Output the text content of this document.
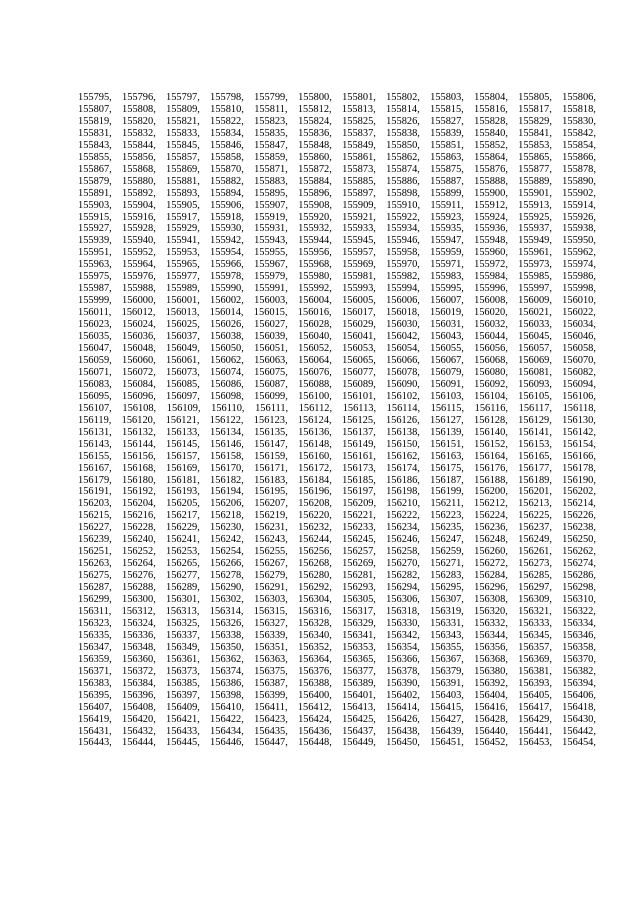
155795, 155796, 155797, 155798, 155799, 155800, 155801, 155802, 155803, 155804, 155805, 155806,
155807, 155808, 155809, 155810, 155811, 155812, 155813, 155814, 155815, 155816, 155817, 155818,
155819, 155820, 155821, 155822, 155823, 155824, 155825, 155826, 155827, 155828, 155829, 155830,
155831, 155832, 155833, 155834, 155835, 155836, 155837, 155838, 155839, 155840, 155841, 155842,
155843, 155844, 155845, 155846, 155847, 155848, 155849, 155850, 155851, 155852, 155853, 155854,
155855, 155856, 155857, 155858, 155859, 155860, 155861, 155862, 155863, 155864, 155865, 155866,
155867, 155868, 155869, 155870, 155871, 155872, 155873, 155874, 155875, 155876, 155877, 155878,
155879, 155880, 155881, 155882, 155883, 155884, 155885, 155886, 155887, 155888, 155889, 155890,
155891, 155892, 155893, 155894, 155895, 155896, 155897, 155898, 155899, 155900, 155901, 155902,
155903, 155904, 155905, 155906, 155907, 155908, 155909, 155910, 155911, 155912, 155913, 155914,
155915, 155916, 155917, 155918, 155919, 155920, 155921, 155922, 155923, 155924, 155925, 155926,
155927, 155928, 155929, 155930, 155931, 155932, 155933, 155934, 155935, 155936, 155937, 155938,
155939, 155940, 155941, 155942, 155943, 155944, 155945, 155946, 155947, 155948, 155949, 155950,
155951, 155952, 155953, 155954, 155955, 155956, 155957, 155958, 155959, 155960, 155961, 155962,
155963, 155964, 155965, 155966, 155967, 155968, 155969, 155970, 155971, 155972, 155973, 155974,
155975, 155976, 155977, 155978, 155979, 155980, 155981, 155982, 155983, 155984, 155985, 155986,
155987, 155988, 155989, 155990, 155991, 155992, 155993, 155994, 155995, 155996, 155997, 155998,
155999, 156000, 156001, 156002, 156003, 156004, 156005, 156006, 156007, 156008, 156009, 156010,
156011, 156012, 156013, 156014, 156015, 156016, 156017, 156018, 156019, 156020, 156021, 156022,
156023, 156024, 156025, 156026, 156027, 156028, 156029, 156030, 156031, 156032, 156033, 156034,
156035, 156036, 156037, 156038, 156039, 156040, 156041, 156042, 156043, 156044, 156045, 156046,
156047, 156048, 156049, 156050, 156051, 156052, 156053, 156054, 156055, 156056, 156057, 156058,
156059, 156060, 156061, 156062, 156063, 156064, 156065, 156066, 156067, 156068, 156069, 156070,
156071, 156072, 156073, 156074, 156075, 156076, 156077, 156078, 156079, 156080, 156081, 156082,
156083, 156084, 156085, 156086, 156087, 156088, 156089, 156090, 156091, 156092, 156093, 156094,
156095, 156096, 156097, 156098, 156099, 156100, 156101, 156102, 156103, 156104, 156105, 156106,
156107, 156108, 156109, 156110, 156111, 156112, 156113, 156114, 156115, 156116, 156117, 156118,
156119, 156120, 156121, 156122, 156123, 156124, 156125, 156126, 156127, 156128, 156129, 156130,
156131, 156132, 156133, 156134, 156135, 156136, 156137, 156138, 156139, 156140, 156141, 156142,
156143, 156144, 156145, 156146, 156147, 156148, 156149, 156150, 156151, 156152, 156153, 156154,
156155, 156156, 156157, 156158, 156159, 156160, 156161, 156162, 156163, 156164, 156165, 156166,
156167, 156168, 156169, 156170, 156171, 156172, 156173, 156174, 156175, 156176, 156177, 156178,
156179, 156180, 156181, 156182, 156183, 156184, 156185, 156186, 156187, 156188, 156189, 156190,
156191, 156192, 156193, 156194, 156195, 156196, 156197, 156198, 156199, 156200, 156201, 156202,
156203, 156204, 156205, 156206, 156207, 156208, 156209, 156210, 156211, 156212, 156213, 156214,
156215, 156216, 156217, 156218, 156219, 156220, 156221, 156222, 156223, 156224, 156225, 156226,
156227, 156228, 156229, 156230, 156231, 156232, 156233, 156234, 156235, 156236, 156237, 156238,
156239, 156240, 156241, 156242, 156243, 156244, 156245, 156246, 156247, 156248, 156249, 156250,
156251, 156252, 156253, 156254, 156255, 156256, 156257, 156258, 156259, 156260, 156261, 156262,
156263, 156264, 156265, 156266, 156267, 156268, 156269, 156270, 156271, 156272, 156273, 156274,
156275, 156276, 156277, 156278, 156279, 156280, 156281, 156282, 156283, 156284, 156285, 156286,
156287, 156288, 156289, 156290, 156291, 156292, 156293, 156294, 156295, 156296, 156297, 156298,
156299, 156300, 156301, 156302, 156303, 156304, 156305, 156306, 156307, 156308, 156309, 156310,
156311, 156312, 156313, 156314, 156315, 156316, 156317, 156318, 156319, 156320, 156321, 156322,
156323, 156324, 156325, 156326, 156327, 156328, 156329, 156330, 156331, 156332, 156333, 156334,
156335, 156336, 156337, 156338, 156339, 156340, 156341, 156342, 156343, 156344, 156345, 156346,
156347, 156348, 156349, 156350, 156351, 156352, 156353, 156354, 156355, 156356, 156357, 156358,
156359, 156360, 156361, 156362, 156363, 156364, 156365, 156366, 156367, 156368, 156369, 156370,
156371, 156372, 156373, 156374, 156375, 156376, 156377, 156378, 156379, 156380, 156381, 156382,
156383, 156384, 156385, 156386, 156387, 156388, 156389, 156390, 156391, 156392, 156393, 156394,
156395, 156396, 156397, 156398, 156399, 156400, 156401, 156402, 156403, 156404, 156405, 156406,
156407, 156408, 156409, 156410, 156411, 156412, 156413, 156414, 156415, 156416, 156417, 156418,
156419, 156420, 156421, 156422, 156423, 156424, 156425, 156426, 156427, 156428, 156429, 156430,
156431, 156432, 156433, 156434, 156435, 156436, 156437, 156438, 156439, 156440, 156441, 156442,
156443, 156444, 156445, 156446, 156447, 156448, 156449, 156450, 156451, 156452, 156453, 156454,
